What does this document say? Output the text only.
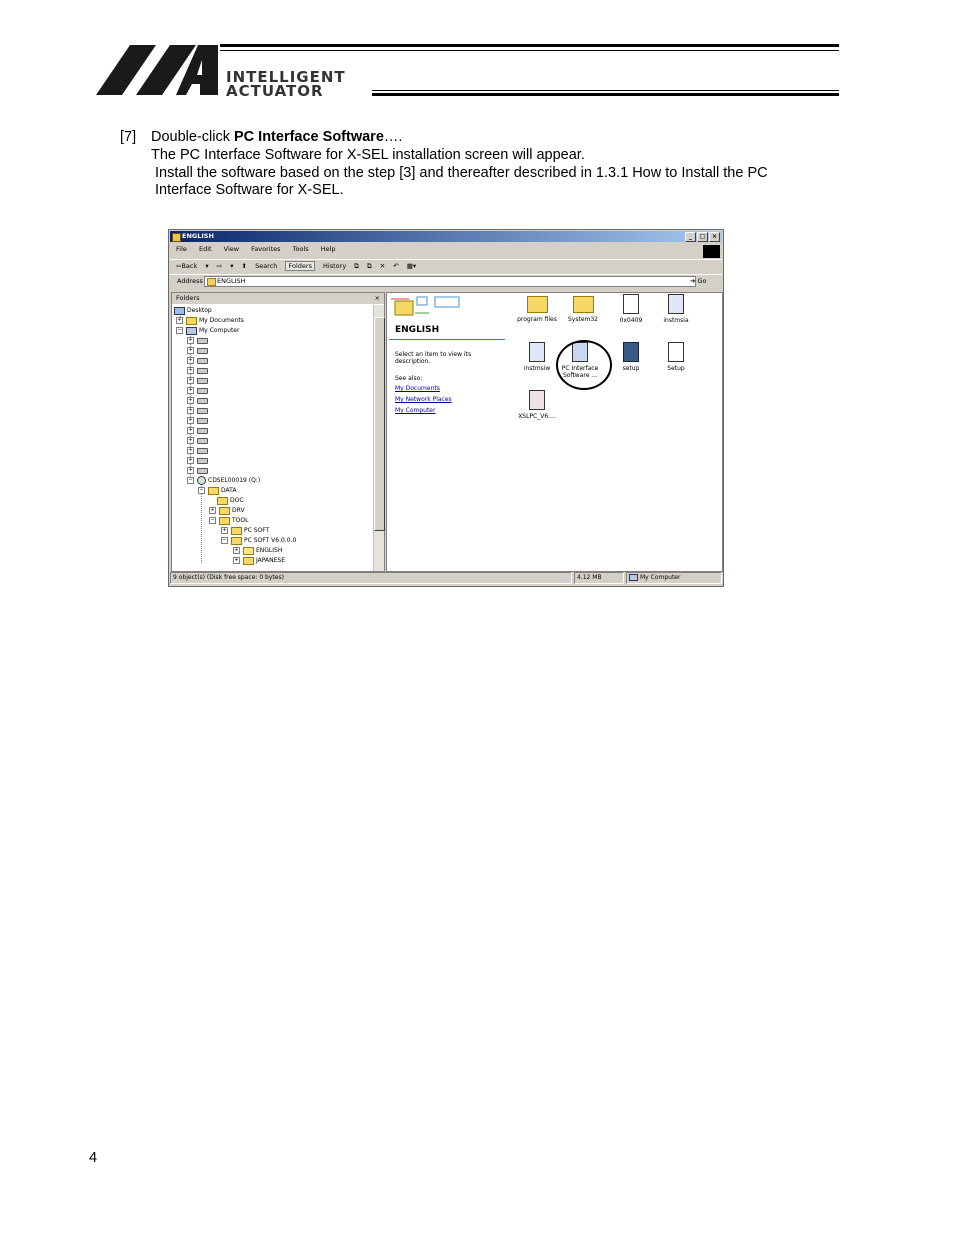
INTELLIGENT
ACTUATOR
[7] Double-click PC Interface Software….
The PC Interface Software for X-SEL installation screen will appear.
Install the software based on the step [3] and thereafter described in 1.3.1 How to Install the PC
Interface Software for X-SEL.
ENGLISH	_	□	×
File Edit View Favorites Tools Help
⇦Back ▾ ⇨ ▾ ⬆ Search Folders History ⧉ ⧉ ✕ ↶ ▦▾
Address	ENGLISH	➔ Go
Folders	×
Desktop
+	My Documents
−	My Computer
+
+
+
+
+
+
+
+
+
+
+
+
+
+
−	CDSEL00019 (Q:)
−	DATA
DOC
+	DRV
−	TOOL
+	PC SOFT
−	PC SOFT V6.0.0.0
+	ENGLISH
+	JAPANESE
ENGLISH
Select an item to view its
description.
See also:
My Documents
My Network Places
My Computer
program files	System32	0x0409	instmsia
instmsiw	PC Interface Software ...
setup	Setup
XSLPC_V6....
9 object(s) (Disk free space: 0 bytes)	4.12 MB	My Computer
4
